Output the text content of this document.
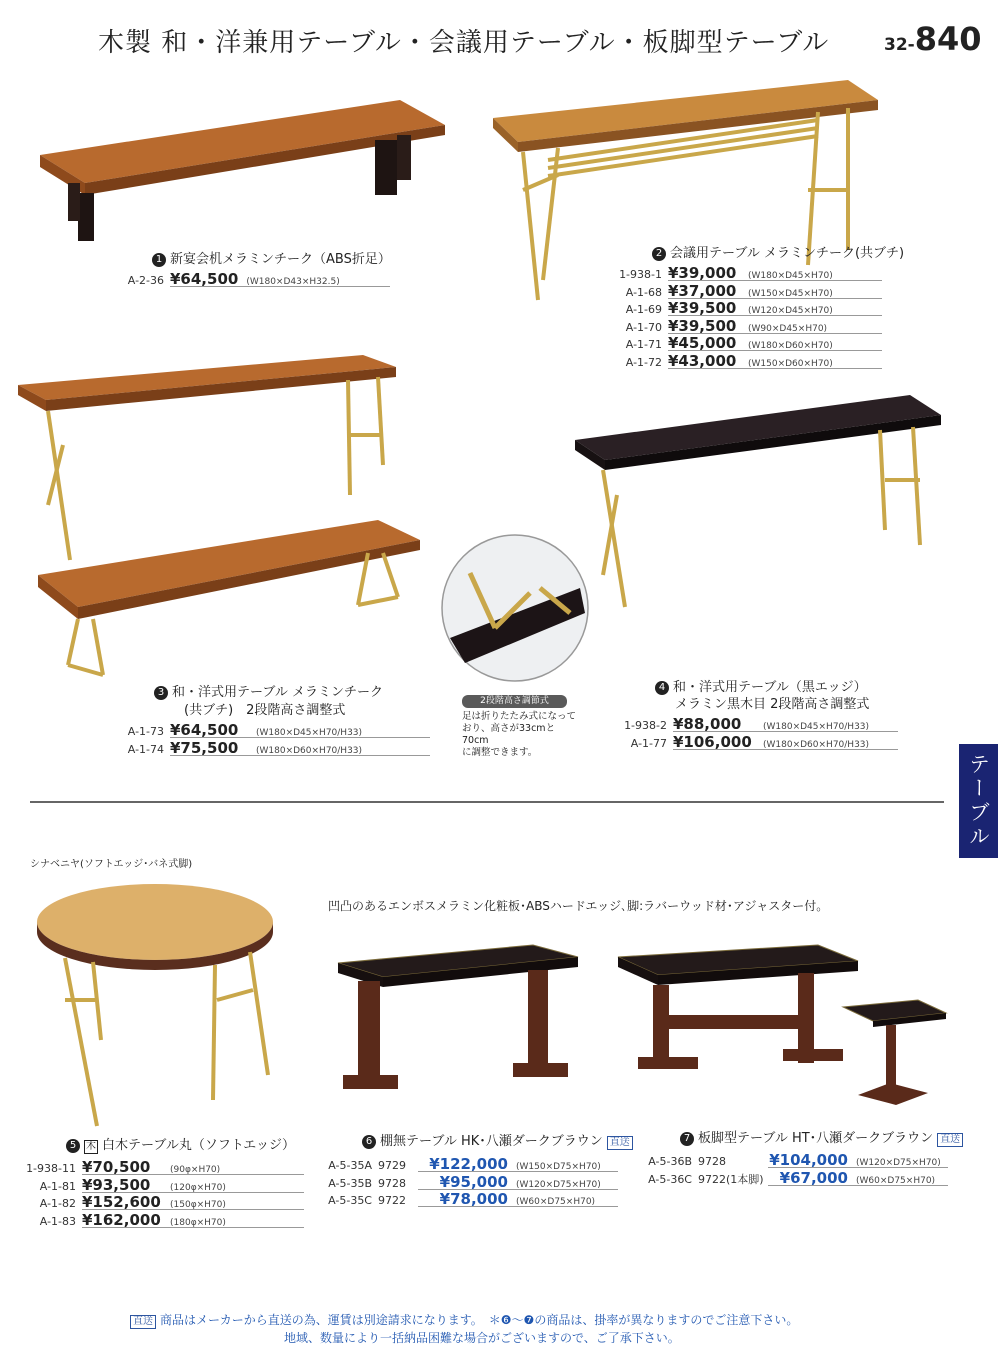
木製 和・洋兼用テーブル・会議用テーブル・板脚型テーブル	32-840
テーブル
1 新宴会机メラミンチーク（ABS折足）
A-2-36 ¥64,500 (W180×D43×H32.5)
2 会議用テーブル メラミンチーク(共ブチ)
1-938-1 ¥39,000	(W180×D45×H70)
A-1-68 ¥37,000	(W150×D45×H70)
A-1-69 ¥39,500	(W120×D45×H70)
A-1-70 ¥39,500	(W90×D45×H70)
A-1-71 ¥45,000	(W180×D60×H70)
A-1-72 ¥43,000	(W150×D60×H70)
3 和・洋式用テーブル メラミンチーク
(共ブチ)　2段階高さ調整式
A-1-73 ¥64,500	(W180×D45×H70/H33)
A-1-74 ¥75,500	(W180×D60×H70/H33)
2段階高さ調節式
足は折りたたみ式になって
おり、高さが33cmと70cm
に調整できます。
4 和・洋式用テーブル（黒エッジ）
メラミン黒木目 2段階高さ調整式
1-938-2 ¥88,000	(W180×D45×H70/H33)
A-1-77 ¥106,000	(W180×D60×H70/H33)
シナベニヤ(ソフトエッジ･バネ式脚)
凹凸のあるエンボスメラミン化粧板･ABSハードエッジ､脚:ラバーウッド材･アジャスター付。
5 木 白木テーブル丸（ソフトエッジ）
1-938-11 ¥70,500	(90φ×H70)
A-1-81 ¥93,500	(120φ×H70)
A-1-82 ¥152,600 (150φ×H70)
A-1-83 ¥162,000 (180φ×H70)
6 棚無テーブル HK･八瀬ダークブラウン 直送
A-5-35A 9729	¥122,000 (W150×D75×H70)
A-5-35B 9728	¥95,000 (W120×D75×H70)
A-5-35C 9722	¥78,000 (W60×D75×H70)
7 板脚型テーブル HT･八瀬ダークブラウン 直送
A-5-36B 9728	¥104,000 (W120×D75×H70)
A-5-36C 9722(1本脚)	¥67,000 (W60×D75×H70)
直送 商品はメーカーから直送の為、運賃は別途請求になります。　＊❻～❼の商品は、掛率が異なりますのでご注意下さい。
地域、数量により一括納品困難な場合がございますので、ご了承下さい。
